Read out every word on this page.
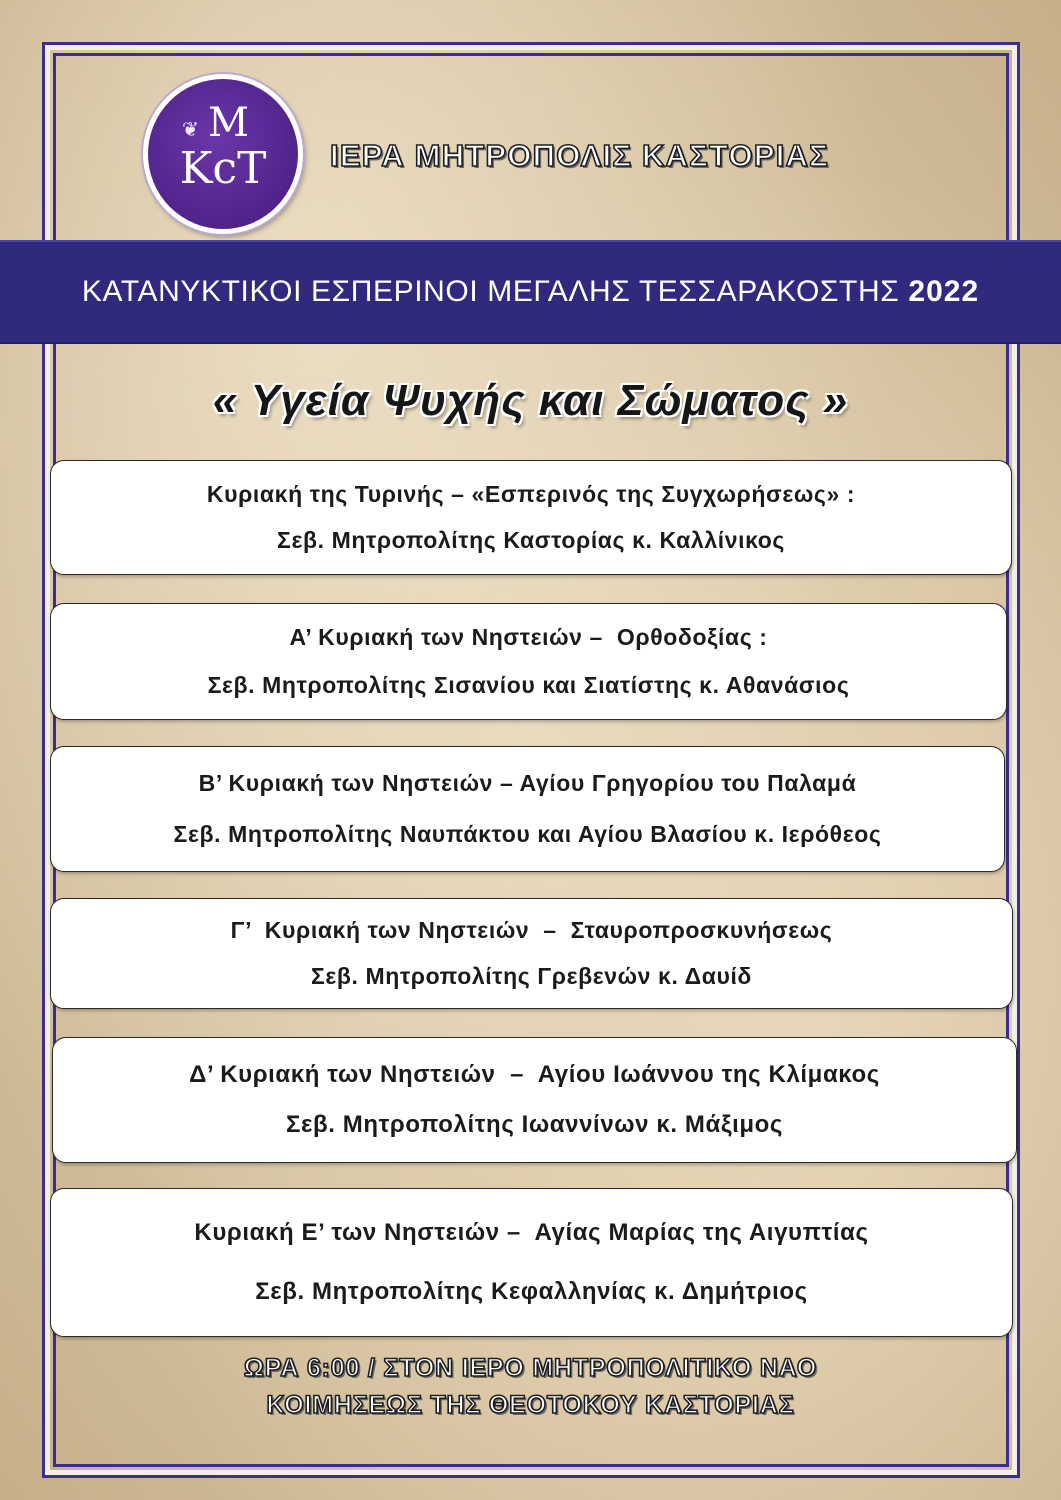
❦ Μ
ΚϲΤ	ΙΕΡΑ ΜΗΤΡΟΠΟΛΙΣ ΚΑΣΤΟΡΙΑΣ
ΚΑΤΑΝΥΚΤΙΚΟΙ ΕΣΠΕΡΙΝΟΙ ΜΕΓΑΛΗΣ ΤΕΣΣΑΡΑΚΟΣΤΗΣ 2022
« Υγεία Ψυχής και Σώματος »
Κυριακή της Τυρινής – «Εσπερινός της Συγχωρήσεως» :
Σεβ. Μητροπολίτης Καστορίας κ. Καλλίνικος
Α’ Κυριακή των Νηστειών –  Ορθοδοξίας :
Σεβ. Μητροπολίτης Σισανίου και Σιατίστης κ. Αθανάσιος
Β’ Κυριακή των Νηστειών – Αγίου Γρηγορίου του Παλαμά
Σεβ. Μητροπολίτης Ναυπάκτου και Αγίου Βλασίου κ. Ιερόθεος
Γ’  Κυριακή των Νηστειών  –  Σταυροπροσκυνήσεως
Σεβ. Μητροπολίτης Γρεβενών κ. Δαυίδ
Δ’ Κυριακή των Νηστειών  –  Αγίου Ιωάννου της Κλίμακος
Σεβ. Μητροπολίτης Ιωαννίνων κ. Μάξιμος
Κυριακή Ε’ των Νηστειών –  Αγίας Μαρίας της Αιγυπτίας
Σεβ. Μητροπολίτης Κεφαλληνίας κ. Δημήτριος
ΩΡΑ 6:00 / ΣΤΟΝ ΙΕΡΟ ΜΗΤΡΟΠΟΛΙΤΙΚΟ ΝΑΟ
ΚΟΙΜΗΣΕΩΣ ΤΗΣ ΘΕΟΤΟΚΟΥ ΚΑΣΤΟΡΙΑΣ
